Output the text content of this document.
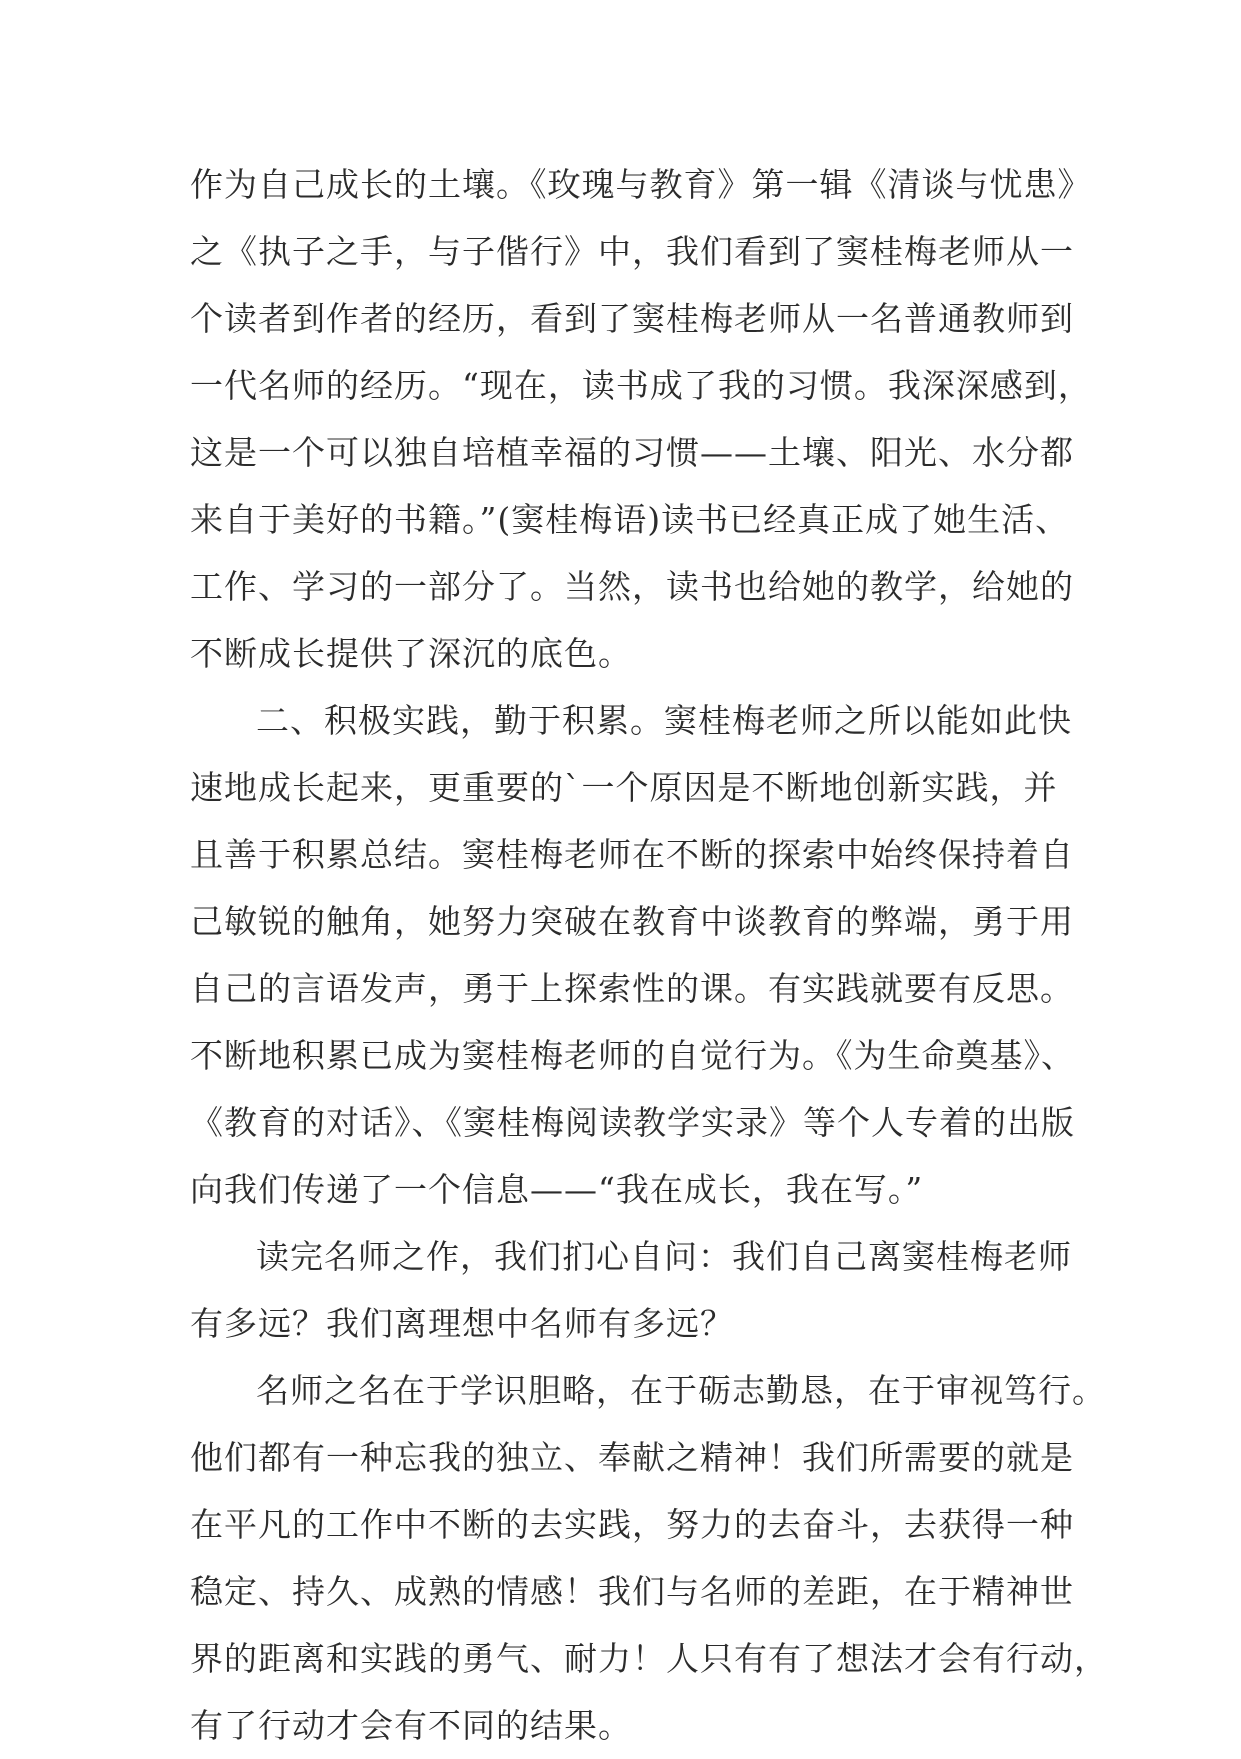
作为自己成长的土壤。《玫瑰与教育》第一辑《清谈与忧患》
之《执子之手，与子偕行》中，我们看到了窦桂梅老师从一
个读者到作者的经历，看到了窦桂梅老师从一名普通教师到
一代名师的经历。“现在，读书成了我的习惯。我深深感到，
这是一个可以独自培植幸福的习惯——土壤、阳光、水分都
来自于美好的书籍。”(窦桂梅语)读书已经真正成了她生活、
工作、学习的一部分了。当然，读书也给她的教学，给她的
不断成长提供了深沉的底色。
二、积极实践，勤于积累。窦桂梅老师之所以能如此快
速地成长起来，更重要的`一个原因是不断地创新实践，并
且善于积累总结。窦桂梅老师在不断的探索中始终保持着自
己敏锐的触角，她努力突破在教育中谈教育的弊端，勇于用
自己的言语发声，勇于上探索性的课。有实践就要有反思。
不断地积累已成为窦桂梅老师的自觉行为。《为生命奠基》、
《教育的对话》、《窦桂梅阅读教学实录》等个人专着的出版
向我们传递了一个信息——“我在成长，我在写。”
读完名师之作，我们扪心自问：我们自己离窦桂梅老师
有多远？我们离理想中名师有多远？
名师之名在于学识胆略，在于砺志勤恳，在于审视笃行。
他们都有一种忘我的独立、奉献之精神！我们所需要的就是
在平凡的工作中不断的去实践，努力的去奋斗，去获得一种
稳定、持久、成熟的情感！我们与名师的差距，在于精神世
界的距离和实践的勇气、耐力！人只有有了想法才会有行动，
有了行动才会有不同的结果。
